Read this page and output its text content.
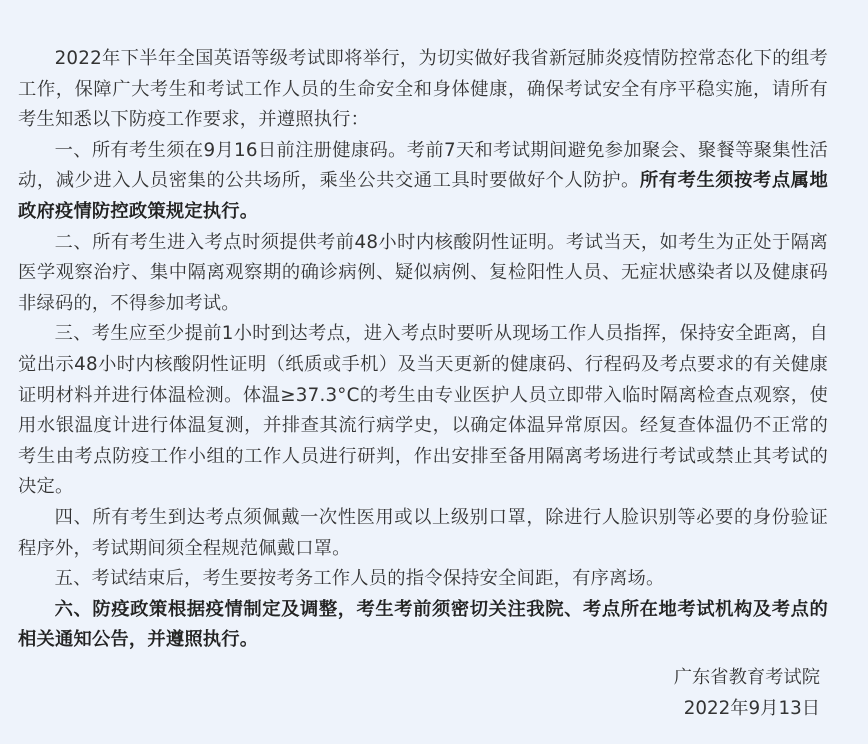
2022年下半年全国英语等级考试即将举行，为切实做好我省新冠肺炎疫情防控常态化下的组考工作，保障广大考生和考试工作人员的生命安全和身体健康，确保考试安全有序平稳实施，请所有考生知悉以下防疫工作要求，并遵照执行：

一、所有考生须在9月16日前注册健康码。考前7天和考试期间避免参加聚会、聚餐等聚集性活动，减少进入人员密集的公共场所，乘坐公共交通工具时要做好个人防护。所有考生须按考点属地政府疫情防控政策规定执行。

二、所有考生进入考点时须提供考前48小时内核酸阴性证明。考试当天，如考生为正处于隔离医学观察治疗、集中隔离观察期的确诊病例、疑似病例、复检阳性人员、无症状感染者以及健康码非绿码的，不得参加考试。

三、考生应至少提前1小时到达考点，进入考点时要听从现场工作人员指挥，保持安全距离，自觉出示48小时内核酸阴性证明（纸质或手机）及当天更新的健康码、行程码及考点要求的有关健康证明材料并进行体温检测。体温≥37.3°C的考生由专业医护人员立即带入临时隔离检查点观察，使用水银温度计进行体温复测，并排查其流行病学史，以确定体温异常原因。经复查体温仍不正常的考生由考点防疫工作小组的工作人员进行研判，作出安排至备用隔离考场进行考试或禁止其考试的决定。

四、所有考生到达考点须佩戴一次性医用或以上级别口罩，除进行人脸识别等必要的身份验证程序外，考试期间须全程规范佩戴口罩。

五、考试结束后，考生要按考务工作人员的指令保持安全间距，有序离场。

六、防疫政策根据疫情制定及调整，考生考前须密切关注我院、考点所在地考试机构及考点的相关通知公告，并遵照执行。

广东省教育考试院
2022年9月13日
